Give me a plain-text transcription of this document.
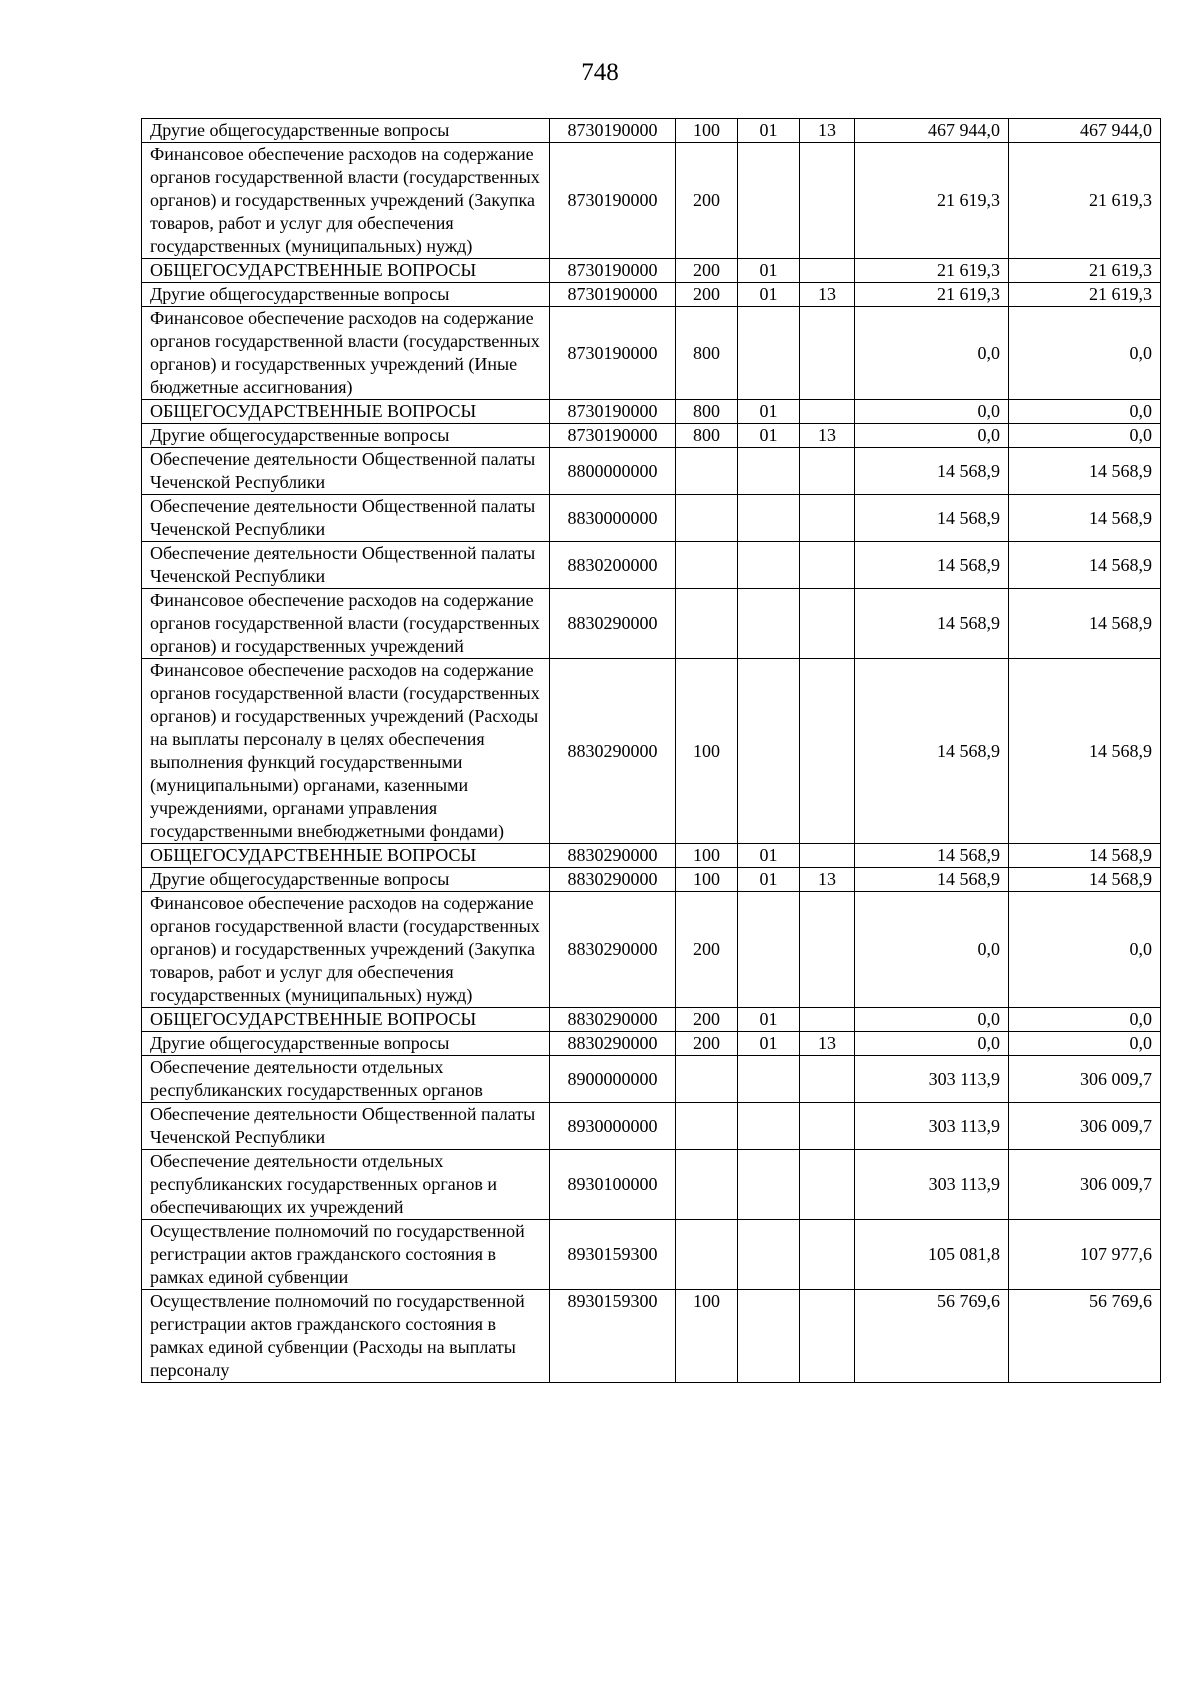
748
Другие общегосударственные вопросы	8730190000	100	01	13	467 944,0	467 944,0
Финансовое обеспечение расходов на содержание органов государственной власти (государственных органов) и государственных учреждений (Закупка товаров, работ и услуг для обеспечения государственных (муниципальных) нужд)	8730190000	200			21 619,3	21 619,3
ОБЩЕГОСУДАРСТВЕННЫЕ ВОПРОСЫ	8730190000	200	01		21 619,3	21 619,3
Другие общегосударственные вопросы	8730190000	200	01	13	21 619,3	21 619,3
Финансовое обеспечение расходов на содержание органов государственной власти (государственных органов) и государственных учреждений (Иные бюджетные ассигнования)	8730190000	800			0,0	0,0
ОБЩЕГОСУДАРСТВЕННЫЕ ВОПРОСЫ	8730190000	800	01		0,0	0,0
Другие общегосударственные вопросы	8730190000	800	01	13	0,0	0,0
Обеспечение деятельности Общественной палаты Чеченской Республики	8800000000				14 568,9	14 568,9
Обеспечение деятельности Общественной палаты Чеченской Республики	8830000000				14 568,9	14 568,9
Обеспечение деятельности Общественной палаты Чеченской Республики	8830200000				14 568,9	14 568,9
Финансовое обеспечение расходов на содержание органов государственной власти (государственных органов) и государственных учреждений	8830290000				14 568,9	14 568,9
Финансовое обеспечение расходов на содержание органов государственной власти (государственных органов) и государственных учреждений (Расходы на выплаты персоналу в целях обеспечения выполнения функций государственными (муниципальными) органами, казенными учреждениями, органами управления государственными внебюджетными фондами)	8830290000	100			14 568,9	14 568,9
ОБЩЕГОСУДАРСТВЕННЫЕ ВОПРОСЫ	8830290000	100	01		14 568,9	14 568,9
Другие общегосударственные вопросы	8830290000	100	01	13	14 568,9	14 568,9
Финансовое обеспечение расходов на содержание органов государственной власти (государственных органов) и государственных учреждений (Закупка товаров, работ и услуг для обеспечения государственных (муниципальных) нужд)	8830290000	200			0,0	0,0
ОБЩЕГОСУДАРСТВЕННЫЕ ВОПРОСЫ	8830290000	200	01		0,0	0,0
Другие общегосударственные вопросы	8830290000	200	01	13	0,0	0,0
Обеспечение деятельности отдельных республиканских государственных органов	8900000000				303 113,9	306 009,7
Обеспечение деятельности Общественной палаты Чеченской Республики	8930000000				303 113,9	306 009,7
Обеспечение деятельности отдельных республиканских государственных органов и обеспечивающих их учреждений	8930100000				303 113,9	306 009,7
Осуществление полномочий по государственной регистрации актов гражданского состояния в рамках единой субвенции	8930159300				105 081,8	107 977,6
Осуществление полномочий по государственной регистрации актов гражданского состояния в рамках единой субвенции (Расходы на выплаты персоналу	8930159300	100			56 769,6	56 769,6
